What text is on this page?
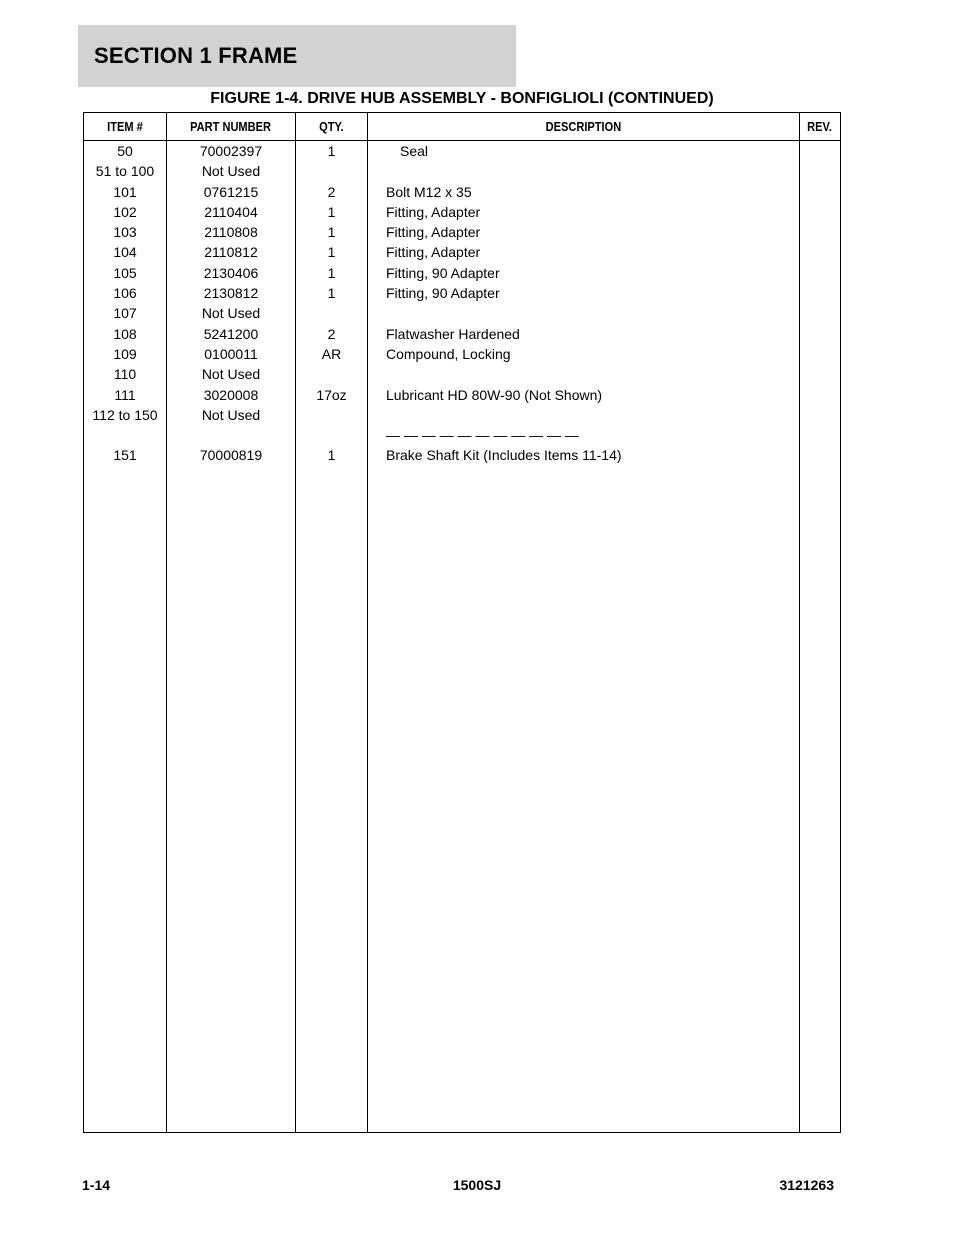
SECTION 1 FRAME
FIGURE 1-4. DRIVE HUB ASSEMBLY - BONFIGLIOLI (CONTINUED)
ITEM #	PART NUMBER	QTY.	DESCRIPTION	REV.
50	70002397	1	Seal
51 to 100	Not Used
101	0761215	2	Bolt M12 x 35
102	2110404	1	Fitting, Adapter
103	2110808	1	Fitting, Adapter
104	2110812	1	Fitting, Adapter
105	2130406	1	Fitting, 90 Adapter
106	2130812	1	Fitting, 90 Adapter
107	Not Used
108	5241200	2	Flatwasher Hardened
109	0100011	AR	Compound, Locking
110	Not Used
111	3020008	17oz	Lubricant HD 80W-90 (Not Shown)
112 to 150	Not Used
— — — — — — — — — — —
151	70000819	1	Brake Shaft Kit (Includes Items 11-14)
1-14	1500SJ	3121263
